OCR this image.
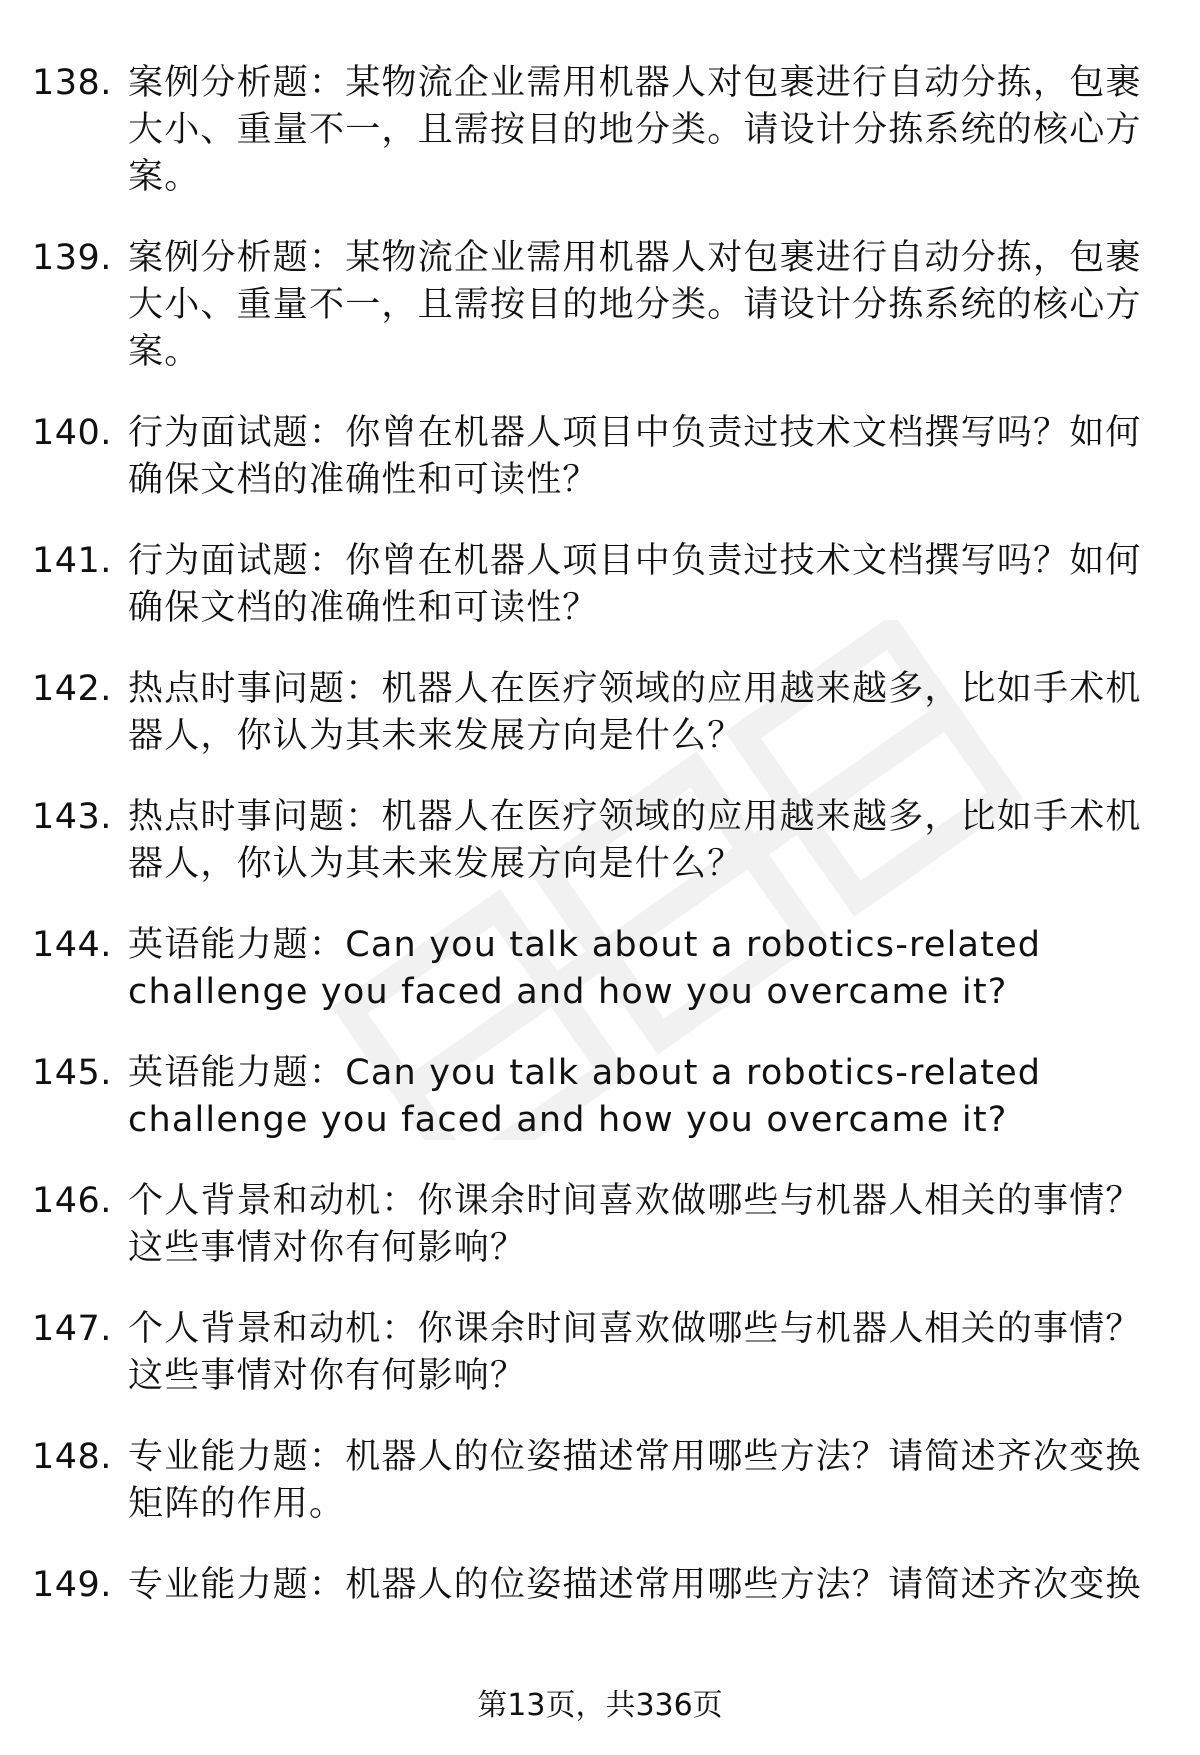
138. 案例分析题：某物流企业需用机器人对包裹进行自动分拣，包裹大小、重量不一，且需按目的地分类。请设计分拣系统的核心方案。
139. 案例分析题：某物流企业需用机器人对包裹进行自动分拣，包裹大小、重量不一，且需按目的地分类。请设计分拣系统的核心方案。
140. 行为面试题：你曾在机器人项目中负责过技术文档撰写吗？如何确保文档的准确性和可读性？
141. 行为面试题：你曾在机器人项目中负责过技术文档撰写吗？如何确保文档的准确性和可读性？
142. 热点时事问题：机器人在医疗领域的应用越来越多，比如手术机器人，你认为其未来发展方向是什么？
143. 热点时事问题：机器人在医疗领域的应用越来越多，比如手术机器人，你认为其未来发展方向是什么？
144. 英语能力题：Can you talk about a robotics-related challenge you faced and how you overcame it?
145. 英语能力题：Can you talk about a robotics-related challenge you faced and how you overcame it?
146. 个人背景和动机：你课余时间喜欢做哪些与机器人相关的事情？这些事情对你有何影响？
147. 个人背景和动机：你课余时间喜欢做哪些与机器人相关的事情？这些事情对你有何影响？
148. 专业能力题：机器人的位姿描述常用哪些方法？请简述齐次变换矩阵的作用。
149. 专业能力题：机器人的位姿描述常用哪些方法？请简述齐次变换
第13页，共336页
